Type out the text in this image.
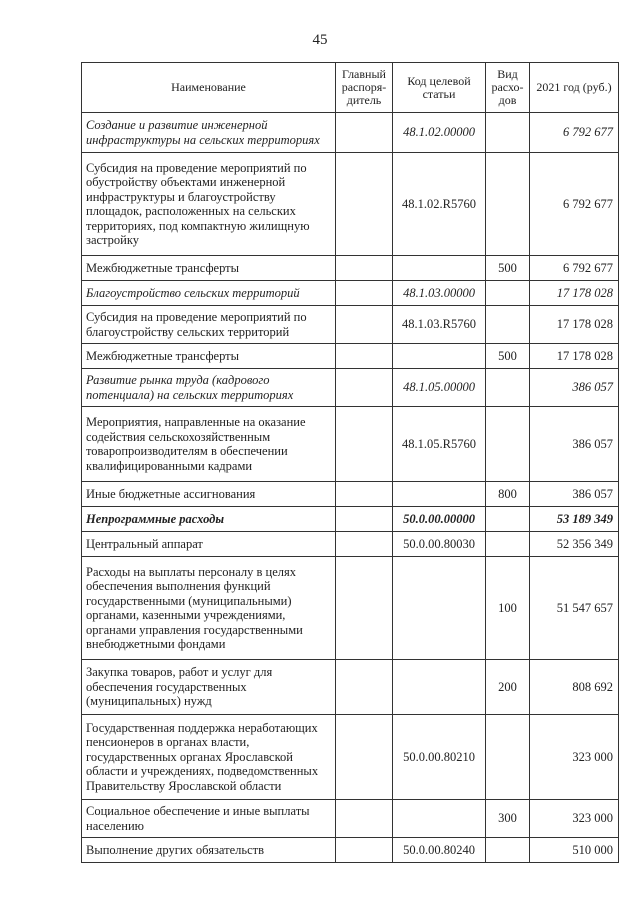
45
Наименование	Главный распоря-дитель	Код целевой статьи	Вид расхо-дов	2021 год (руб.)
Создание и развитие инженерной инфраструктуры на сельских территориях		48.1.02.00000		6 792 677
Субсидия на проведение мероприятий по обустройству объектами инженерной инфраструктуры и благоустройству площадок, расположенных на сельских территориях, под компактную жилищную застройку		48.1.02.R5760		6 792 677
Межбюджетные трансферты			500	6 792 677
Благоустройство сельских территорий		48.1.03.00000		17 178 028
Субсидия на проведение мероприятий по благоустройству сельских территорий		48.1.03.R5760		17 178 028
Межбюджетные трансферты			500	17 178 028
Развитие рынка труда (кадрового потенциала) на сельских территориях		48.1.05.00000		386 057
Мероприятия, направленные на оказание содействия сельскохозяйственным товаропроизводителям в обеспечении квалифицированными кадрами		48.1.05.R5760		386 057
Иные бюджетные ассигнования			800	386 057
Непрограммные расходы		50.0.00.00000		53 189 349
Центральный аппарат		50.0.00.80030		52 356 349
Расходы на выплаты персоналу в целях обеспечения выполнения функций государственными (муниципальными) органами, казенными учреждениями, органами управления государственными внебюджетными фондами			100	51 547 657
Закупка товаров, работ и услуг для обеспечения государственных (муниципальных) нужд			200	808 692
Государственная поддержка неработающих пенсионеров в органах власти, государственных органах Ярославской области и учреждениях, подведомственных Правительству Ярославской области		50.0.00.80210		323 000
Социальное обеспечение и иные выплаты населению			300	323 000
Выполнение других обязательств		50.0.00.80240		510 000
